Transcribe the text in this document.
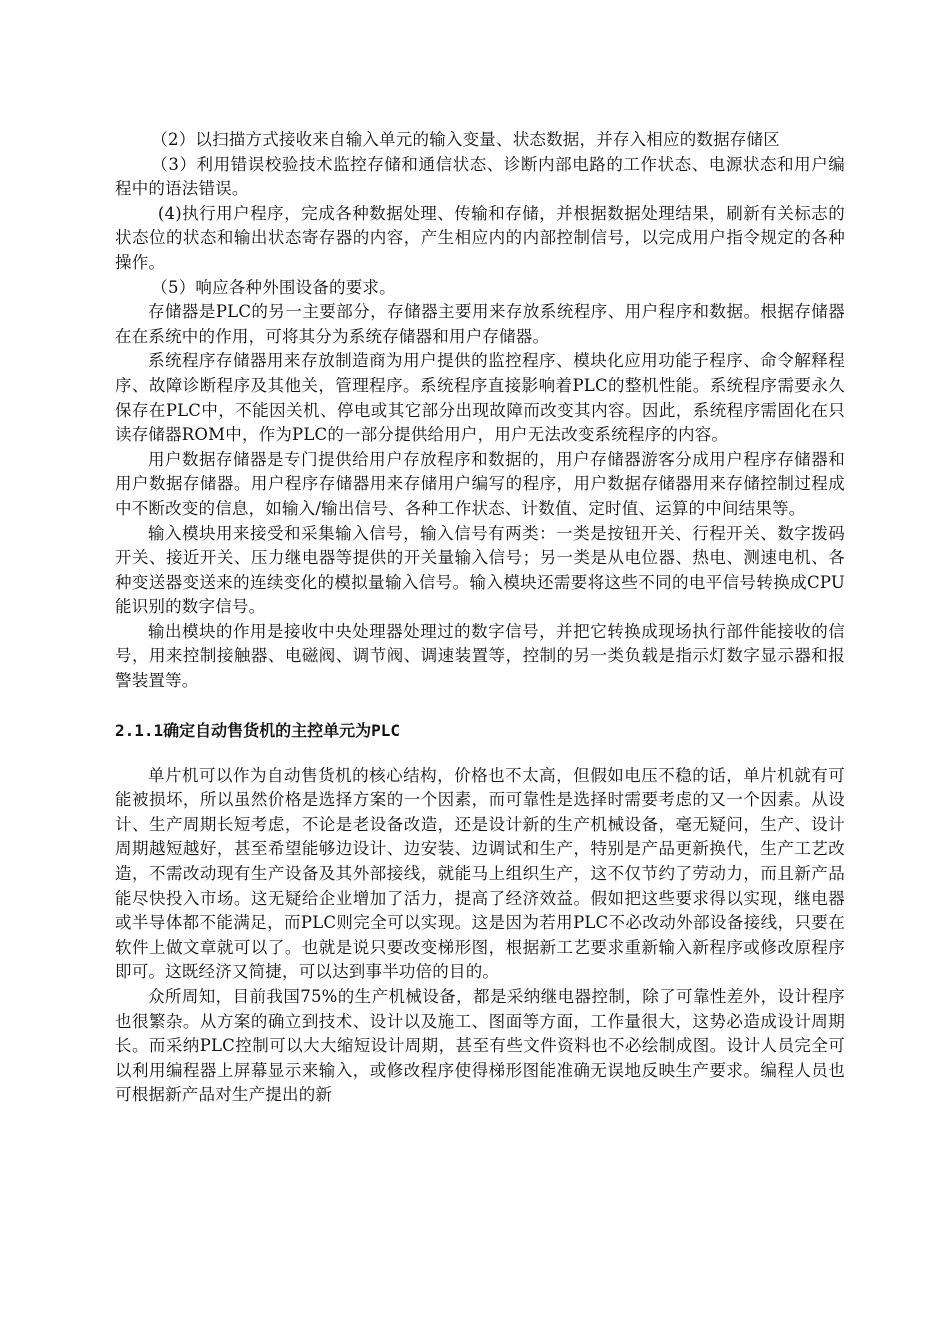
（2）以扫描方式接收来自输入单元的输入变量、状态数据，并存入相应的数据存储区

（3）利用错误校验技术监控存储和通信状态、诊断内部电路的工作状态、电源状态和用户编程中的语法错误。

(4)执行用户程序，完成各种数据处理、传输和存储，并根据数据处理结果，刷新有关标志的状态位的状态和输出状态寄存器的内容，产生相应内的内部控制信号，以完成用户指令规定的各种操作。

（5）响应各种外围设备的要求。

存储器是PLC的另一主要部分，存储器主要用来存放系统程序、用户程序和数据。根据存储器在在系统中的作用，可将其分为系统存储器和用户存储器。

系统程序存储器用来存放制造商为用户提供的监控程序、模块化应用功能子程序、命令解释程序、故障诊断程序及其他关，管理程序。系统程序直接影响着PLC的整机性能。系统程序需要永久保存在PLC中，不能因关机、停电或其它部分出现故障而改变其内容。因此，系统程序需固化在只读存储器ROM中，作为PLC的一部分提供给用户，用户无法改变系统程序的内容。

用户数据存储器是专门提供给用户存放程序和数据的，用户存储器游客分成用户程序存储器和用户数据存储器。用户程序存储器用来存储用户编写的程序，用户数据存储器用来存储控制过程成中不断改变的信息，如输入/输出信号、各种工作状态、计数值、定时值、运算的中间结果等。

输入模块用来接受和采集输入信号，输入信号有两类：一类是按钮开关、行程开关、数字拨码开关、接近开关、压力继电器等提供的开关量输入信号；另一类是从电位器、热电、测速电机、各种变送器变送来的连续变化的模拟量输入信号。输入模块还需要将这些不同的电平信号转换成CPU能识别的数字信号。

输出模块的作用是接收中央处理器处理过的数字信号，并把它转换成现场执行部件能接收的信号，用来控制接触器、电磁阀、调节阀、调速装置等，控制的另一类负载是指示灯数字显示器和报警装置等。

2.1.1确定自动售货机的主控单元为PLC

单片机可以作为自动售货机的核心结构，价格也不太高，但假如电压不稳的话，单片机就有可能被损坏，所以虽然价格是选择方案的一个因素，而可靠性是选择时需要考虑的又一个因素。从设计、生产周期长短考虑，不论是老设备改造，还是设计新的生产机械设备，毫无疑问，生产、设计周期越短越好，甚至希望能够边设计、边安装、边调试和生产，特别是产品更新换代，生产工艺改造，不需改动现有生产设备及其外部接线，就能马上组织生产，这不仅节约了劳动力，而且新产品能尽快投入市场。这无疑给企业增加了活力，提高了经济效益。假如把这些要求得以实现，继电器或半导体都不能满足，而PLC则完全可以实现。这是因为若用PLC不必改动外部设备接线，只要在软件上做文章就可以了。也就是说只要改变梯形图，根据新工艺要求重新输入新程序或修改原程序即可。这既经济又简捷，可以达到事半功倍的目的。

众所周知，目前我国75%的生产机械设备，都是采纳继电器控制，除了可靠性差外，设计程序也很繁杂。从方案的确立到技术、设计以及施工、图面等方面，工作量很大，这势必造成设计周期长。而采纳PLC控制可以大大缩短设计周期，甚至有些文件资料也不必绘制成图。设计人员完全可以利用编程器上屏幕显示来输入，或修改程序使得梯形图能准确无误地反映生产要求。编程人员也可根据新产品对生产提出的新
